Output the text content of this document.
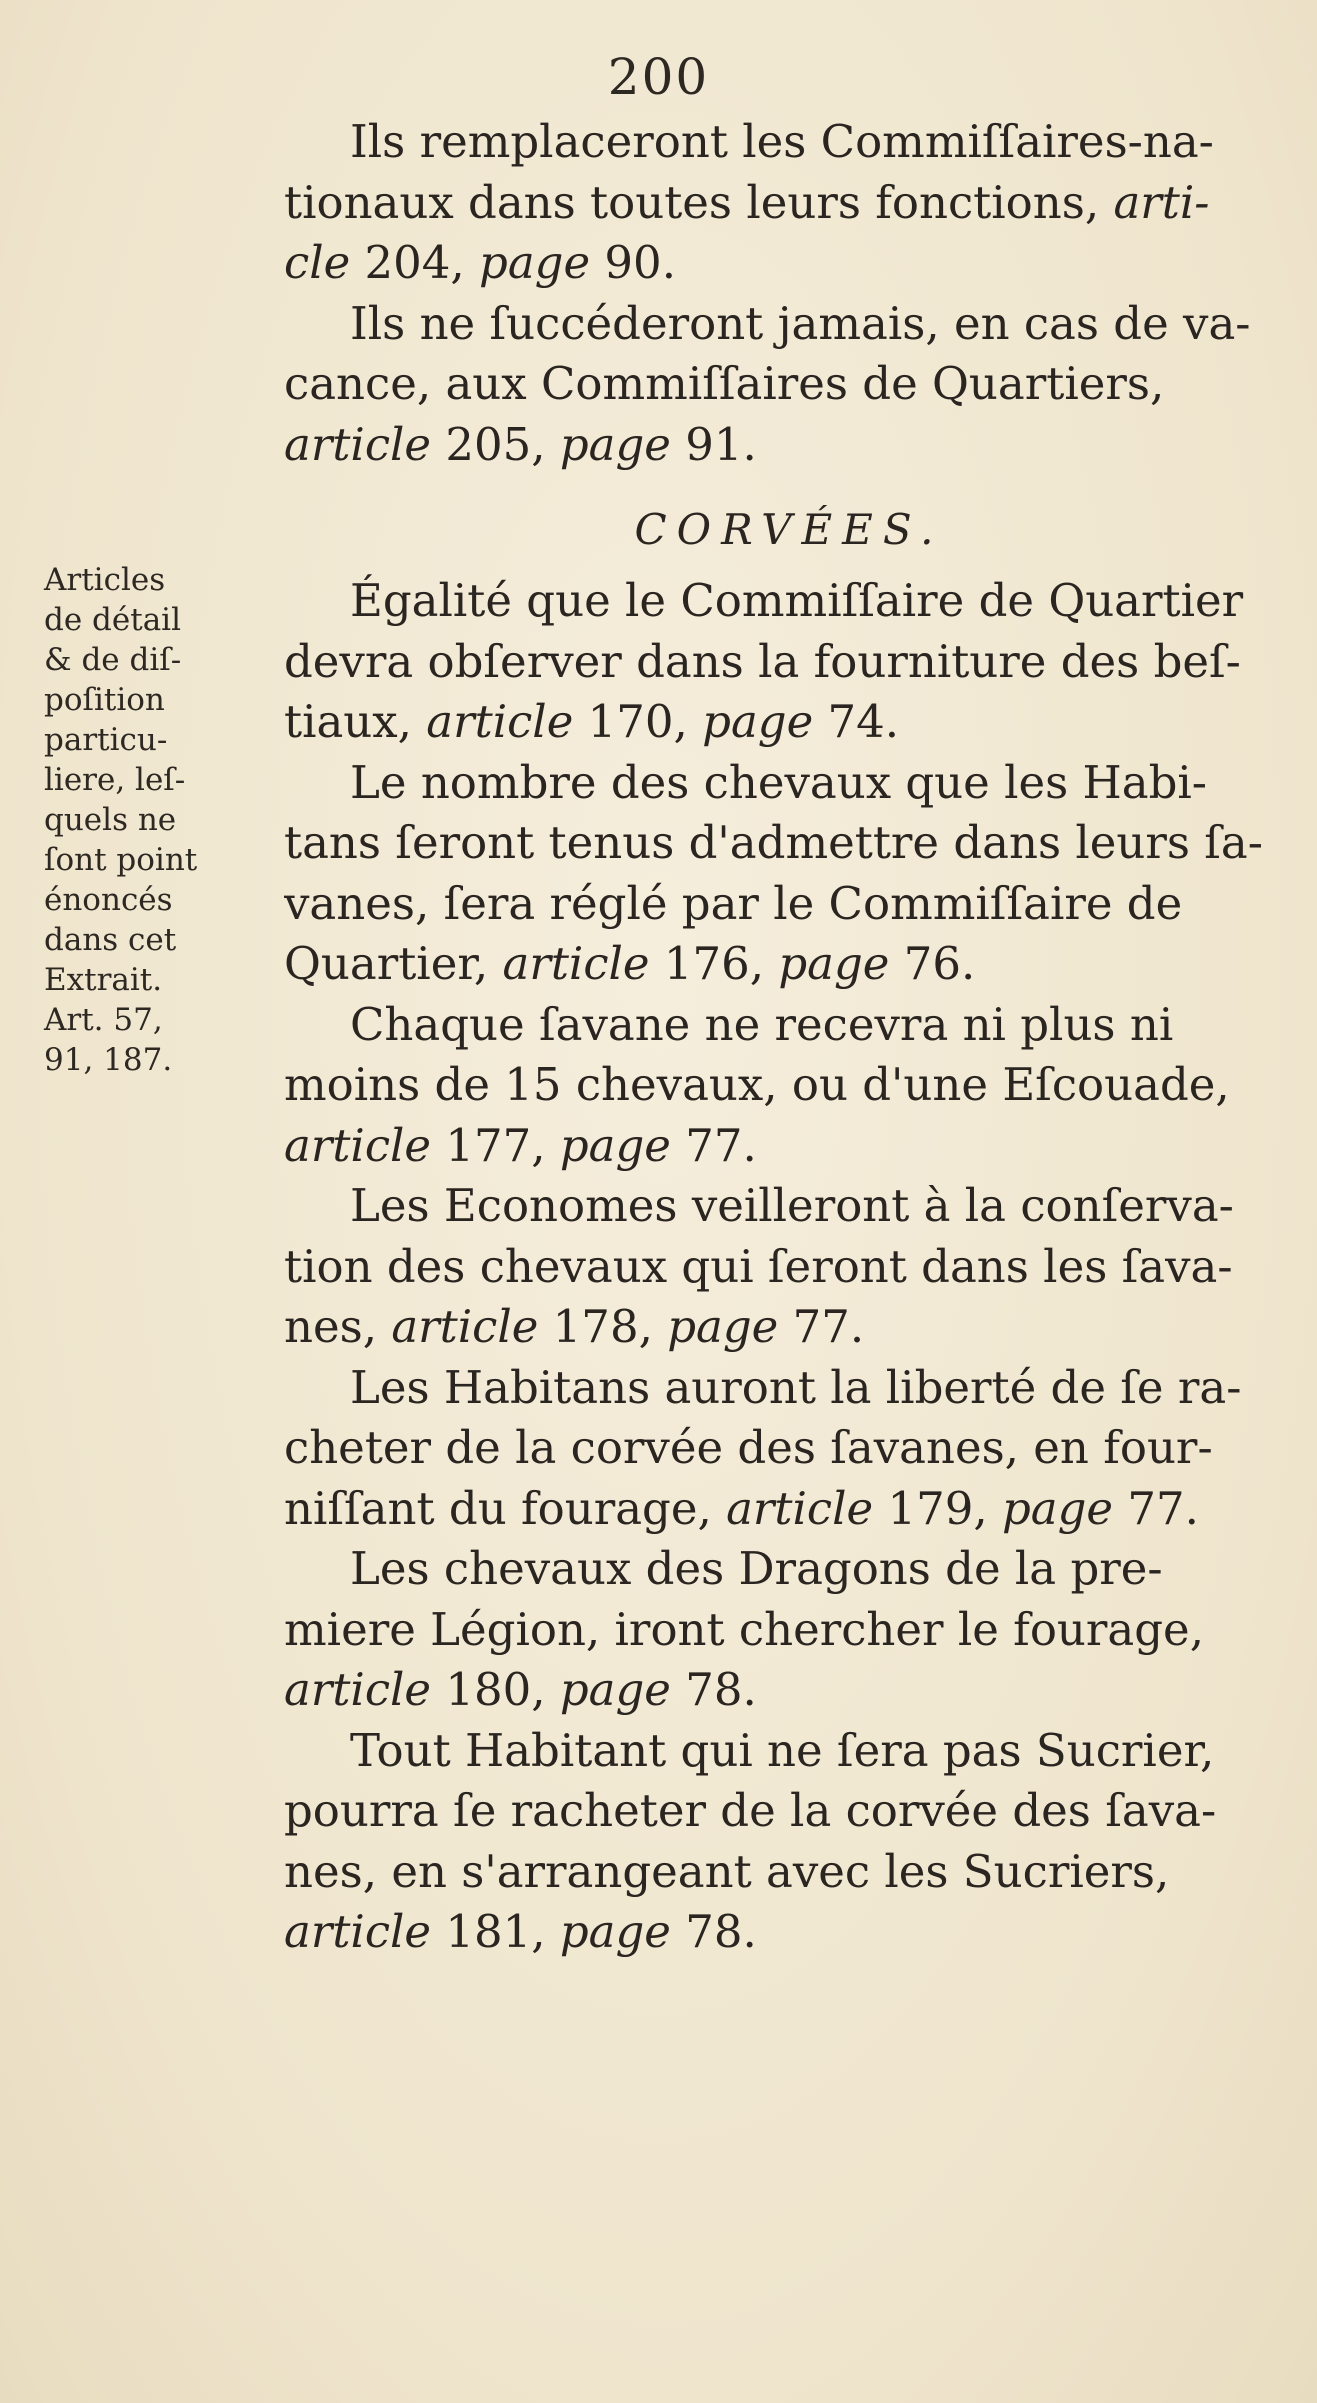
200
Articles
de détail
& de diſ-
poſition
particu-
liere, leſ-
quels ne
ſont point
énoncés
dans cet
Extrait.
Art. 57,
91, 187.
Ils remplaceront les Commiſſaires-na-
tionaux dans toutes leurs fonctions, arti-
cle 204, page 90.
Ils ne ſuccéderont jamais, en cas de va-
cance, aux Commiſſaires de Quartiers,
article 205, page 91.
CORVÉES.
Égalité que le Commiſſaire de Quartier
devra obſerver dans la fourniture des beſ-
tiaux, article 170, page 74.
Le nombre des chevaux que les Habi-
tans ſeront tenus d'admettre dans leurs ſa-
vanes, ſera réglé par le Commiſſaire de
Quartier, article 176, page 76.
Chaque ſavane ne recevra ni plus ni
moins de 15 chevaux, ou d'une Eſcouade,
article 177, page 77.
Les Economes veilleront à la conſerva-
tion des chevaux qui ſeront dans les ſava-
nes, article 178, page 77.
Les Habitans auront la liberté de ſe ra-
cheter de la corvée des ſavanes, en four-
niſſant du fourage, article 179, page 77.
Les chevaux des Dragons de la pre-
miere Légion, iront chercher le fourage,
article 180, page 78.
Tout Habitant qui ne ſera pas Sucrier,
pourra ſe racheter de la corvée des ſava-
nes, en s'arrangeant avec les Sucriers,
article 181, page 78.
